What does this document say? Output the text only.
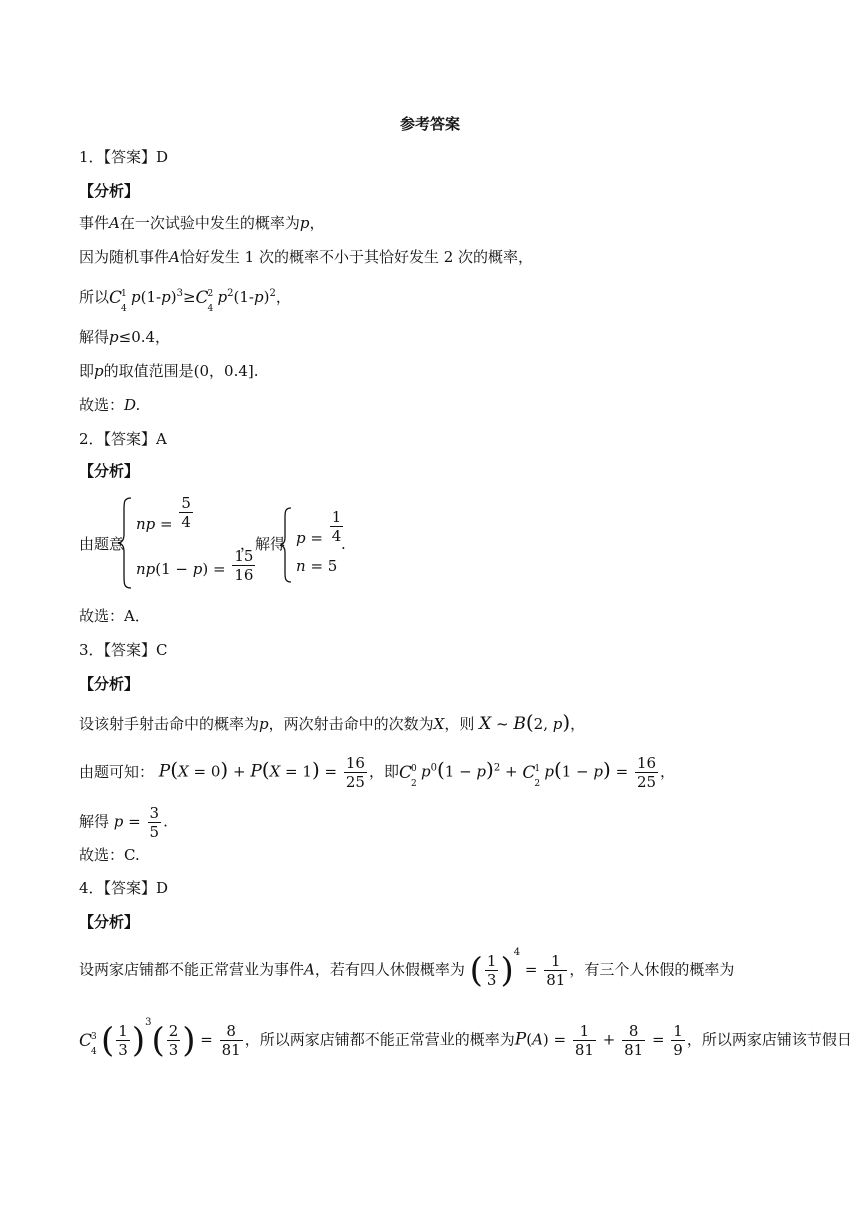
参考答案
1．【答案】D
【分析】
事件A在一次试验中发生的概率为p，
因为随机事件A恰好发生 1 次的概率不小于其恰好发生 2 次的概率，
所以 C
1
4
$p(1-p)^3\ge C$
2
4
$p^2(1-p)^2$，
解得p≤0.4，
即p的取值范围是(0，0.4].
故选：D.
2．【答案】A
【分析】
由题意
np = $\frac{5}{4}$
$np(1 - p) = \frac{15}{16}$
，解得 $p = \frac{1}{4}$
.
n = 5
故选：A．
3．【答案】C
【分析】
设该射手射击命中的概率为p，两次射击命中的次数为X，则 X ~ B(2, p)，
由题可知： $P(X = 0) + P(X = 1) = \frac{16}{25}$ ，即 C
0
2
$p^0(1 - p)^2 + C$
1
2
$p(1 - p) = \frac{16}{25}$ ，
解得 $p = \frac{3}{5}$ .
故选：C.
4．【答案】D
【分析】
设两家店铺都不能正常营业为事件A，若有四人休假概率为 ( $\frac{1}{3} )^4 = \frac{1}{81}$ ，有三个人休假的概率为
C
3
4 ( $\frac{1}{3} )^3( \frac{2}{3}$ ) = $\frac{8}{81}$ ，所以两家店铺都不能正常营业的概率为$P(A) = \frac{1}{81} + \frac{8}{81} = \frac{1}{9}$ ，所以两家店铺该节假日
